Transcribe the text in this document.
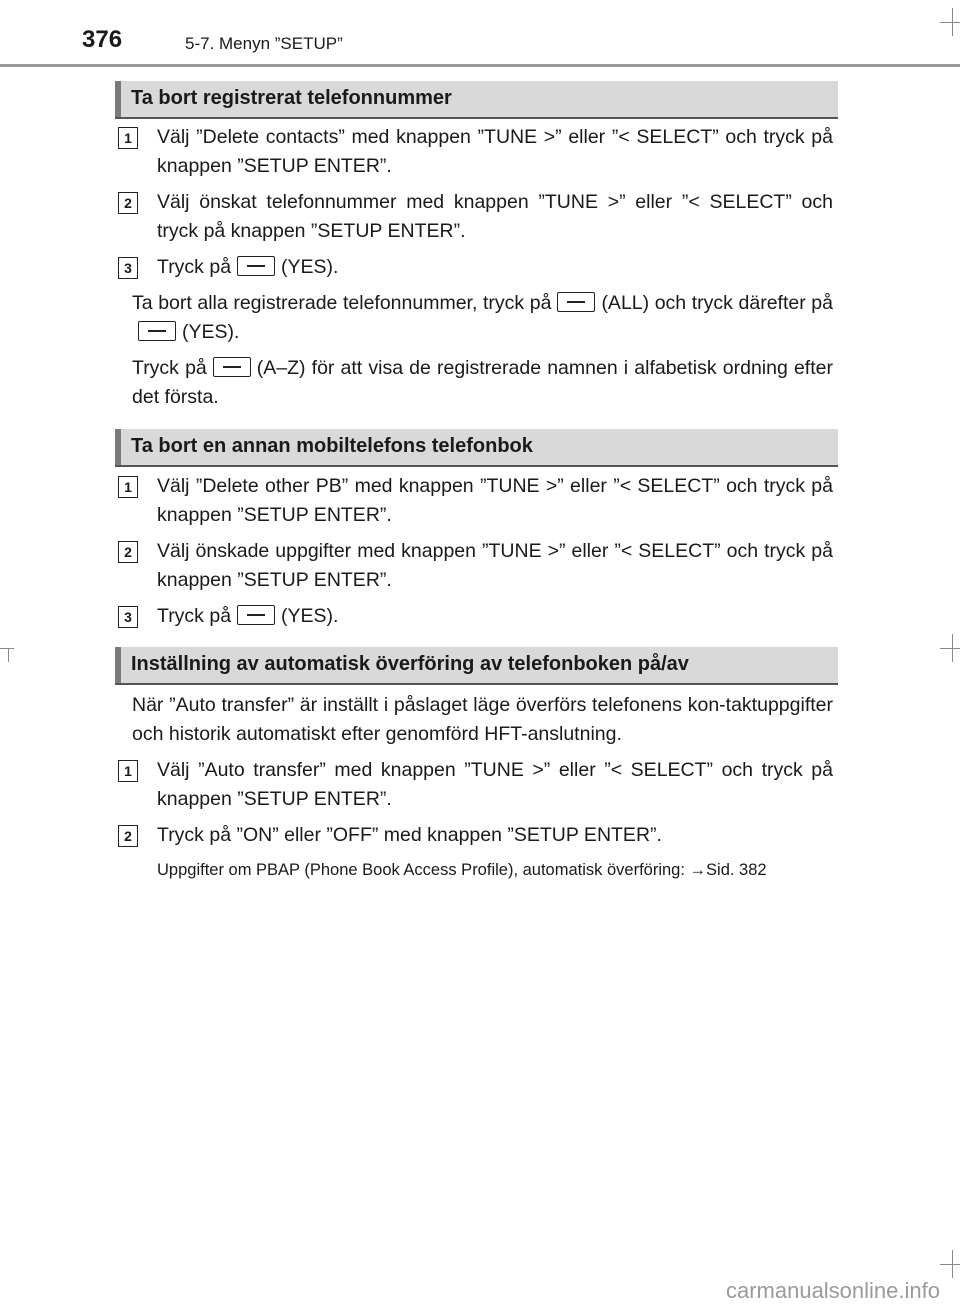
376	5-7. Menyn ”SETUP”
Ta bort registrerat telefonnummer
1	Välj ”Delete contacts” med knappen ”TUNE >” eller ”< SELECT” och tryck på knappen ”SETUP ENTER”.
2	Välj önskat telefonnummer med knappen ”TUNE >” eller ”< SELECT” och tryck på knappen ”SETUP ENTER”.
3	Tryck på	(YES).
Ta bort alla registrerade telefonnummer, tryck på	(ALL) och tryck därefter på(YES).
Tryck på	(A–Z) för att visa de registrerade namnen i alfabetisk ordning efter det första.
Ta bort en annan mobiltelefons telefonbok
1	Välj ”Delete other PB” med knappen ”TUNE >” eller ”< SELECT” och tryck på knappen ”SETUP ENTER”.
2	Välj önskade uppgifter med knappen ”TUNE >” eller ”< SELECT” och tryck på knappen ”SETUP ENTER”.
3	Tryck på	(YES).
Inställning av automatisk överföring av telefonboken på/av
När ”Auto transfer” är inställt i påslaget läge överförs telefonens kon-taktuppgifter och historik automatiskt efter genomförd HFT-anslutning.
1	Välj ”Auto transfer” med knappen ”TUNE >” eller ”< SELECT” och tryck på knappen ”SETUP ENTER”.
2	Tryck på ”ON” eller ”OFF” med knappen ”SETUP ENTER”.
Uppgifter om PBAP (Phone Book Access Profile), automatisk överföring: →Sid. 382
carmanualsonline.info
